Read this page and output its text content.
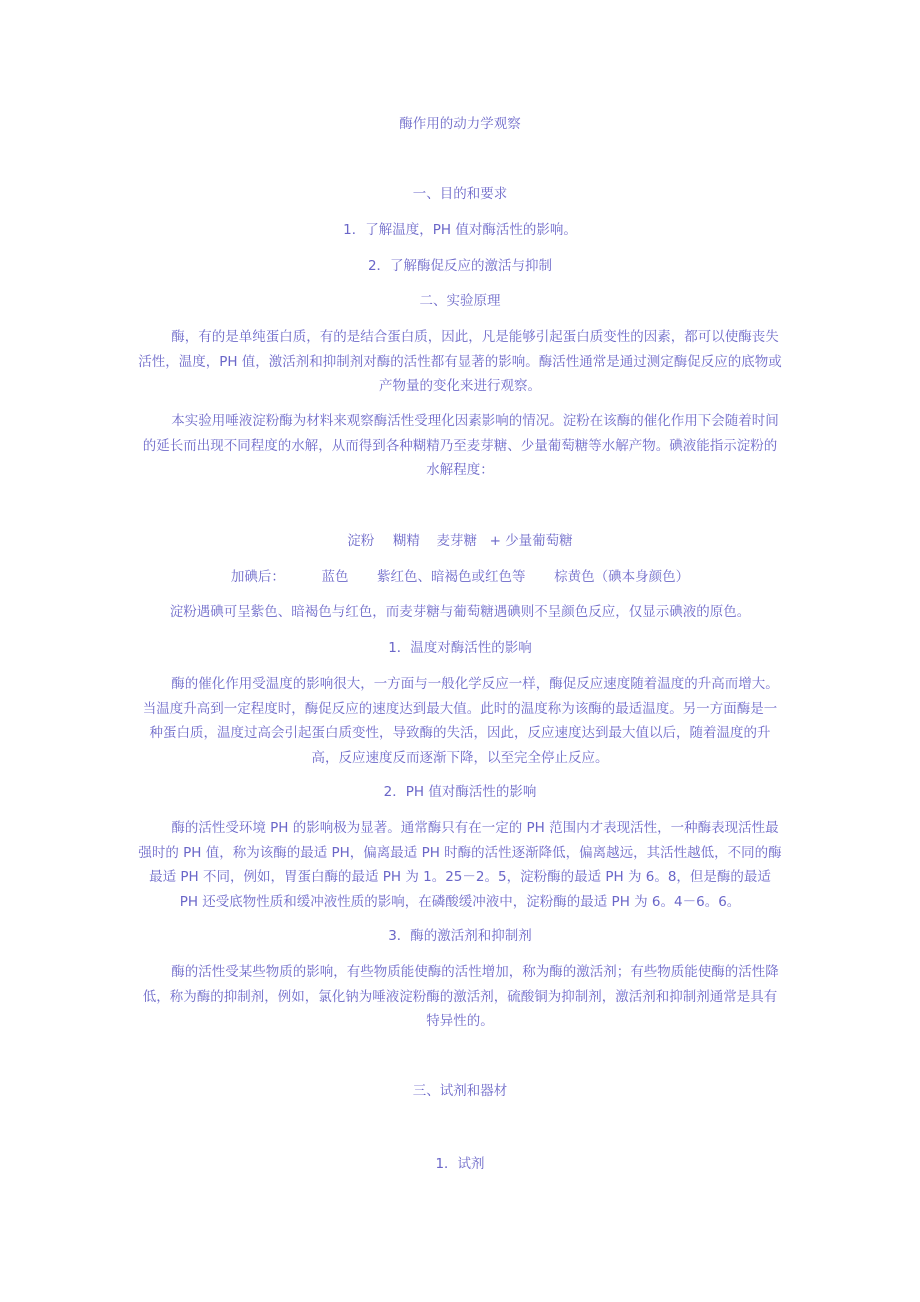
酶作用的动力学观察

一、目的和要求

1．了解温度，PH 值对酶活性的影响。

2．了解酶促反应的激活与抑制

二、实验原理

酶，有的是单纯蛋白质，有的是结合蛋白质，因此，凡是能够引起蛋白质变性的因素，都可以使酶丧失活性，温度，PH 值，激活剂和抑制剂对酶的活性都有显著的影响。酶活性通常是通过测定酶促反应的底物或产物量的变化来进行观察。

本实验用唾液淀粉酶为材料来观察酶活性受理化因素影响的情况。淀粉在该酶的催化作用下会随着时间的延长而出现不同程度的水解，从而得到各种糊精乃至麦芽糖、少量葡萄糖等水解产物。碘液能指示淀粉的水解程度：

淀粉 糊精 麦芽糖 + 少量葡萄糖

加碘后：	蓝色 紫红色、暗褐色或红色等 棕黄色（碘本身颜色）

淀粉遇碘可呈紫色、暗褐色与红色，而麦芽糖与葡萄糖遇碘则不呈颜色反应，仅显示碘液的原色。

1．温度对酶活性的影响

酶的催化作用受温度的影响很大，一方面与一般化学反应一样，酶促反应速度随着温度的升高而增大。当温度升高到一定程度时，酶促反应的速度达到最大值。此时的温度称为该酶的最适温度。另一方面酶是一种蛋白质，温度过高会引起蛋白质变性，导致酶的失活，因此，反应速度达到最大值以后，随着温度的升高，反应速度反而逐渐下降，以至完全停止反应。

2．PH 值对酶活性的影响

酶的活性受环境 PH 的影响极为显著。通常酶只有在一定的 PH 范围内才表现活性，一种酶表现活性最强时的 PH 值，称为该酶的最适 PH，偏离最适 PH 时酶的活性逐渐降低，偏离越远，其活性越低，不同的酶最适 PH 不同，例如，胃蛋白酶的最适 PH 为 1。25－2。5，淀粉酶的最适 PH 为 6。8，但是酶的最适 PH 还受底物性质和缓冲液性质的影响，在磷酸缓冲液中，淀粉酶的最适 PH 为 6。4－6。6。

3．酶的激活剂和抑制剂

酶的活性受某些物质的影响，有些物质能使酶的活性增加，称为酶的激活剂；有些物质能使酶的活性降低，称为酶的抑制剂，例如，氯化钠为唾液淀粉酶的激活剂，硫酸铜为抑制剂，激活剂和抑制剂通常是具有特异性的。

三、试剂和器材

1．试剂
